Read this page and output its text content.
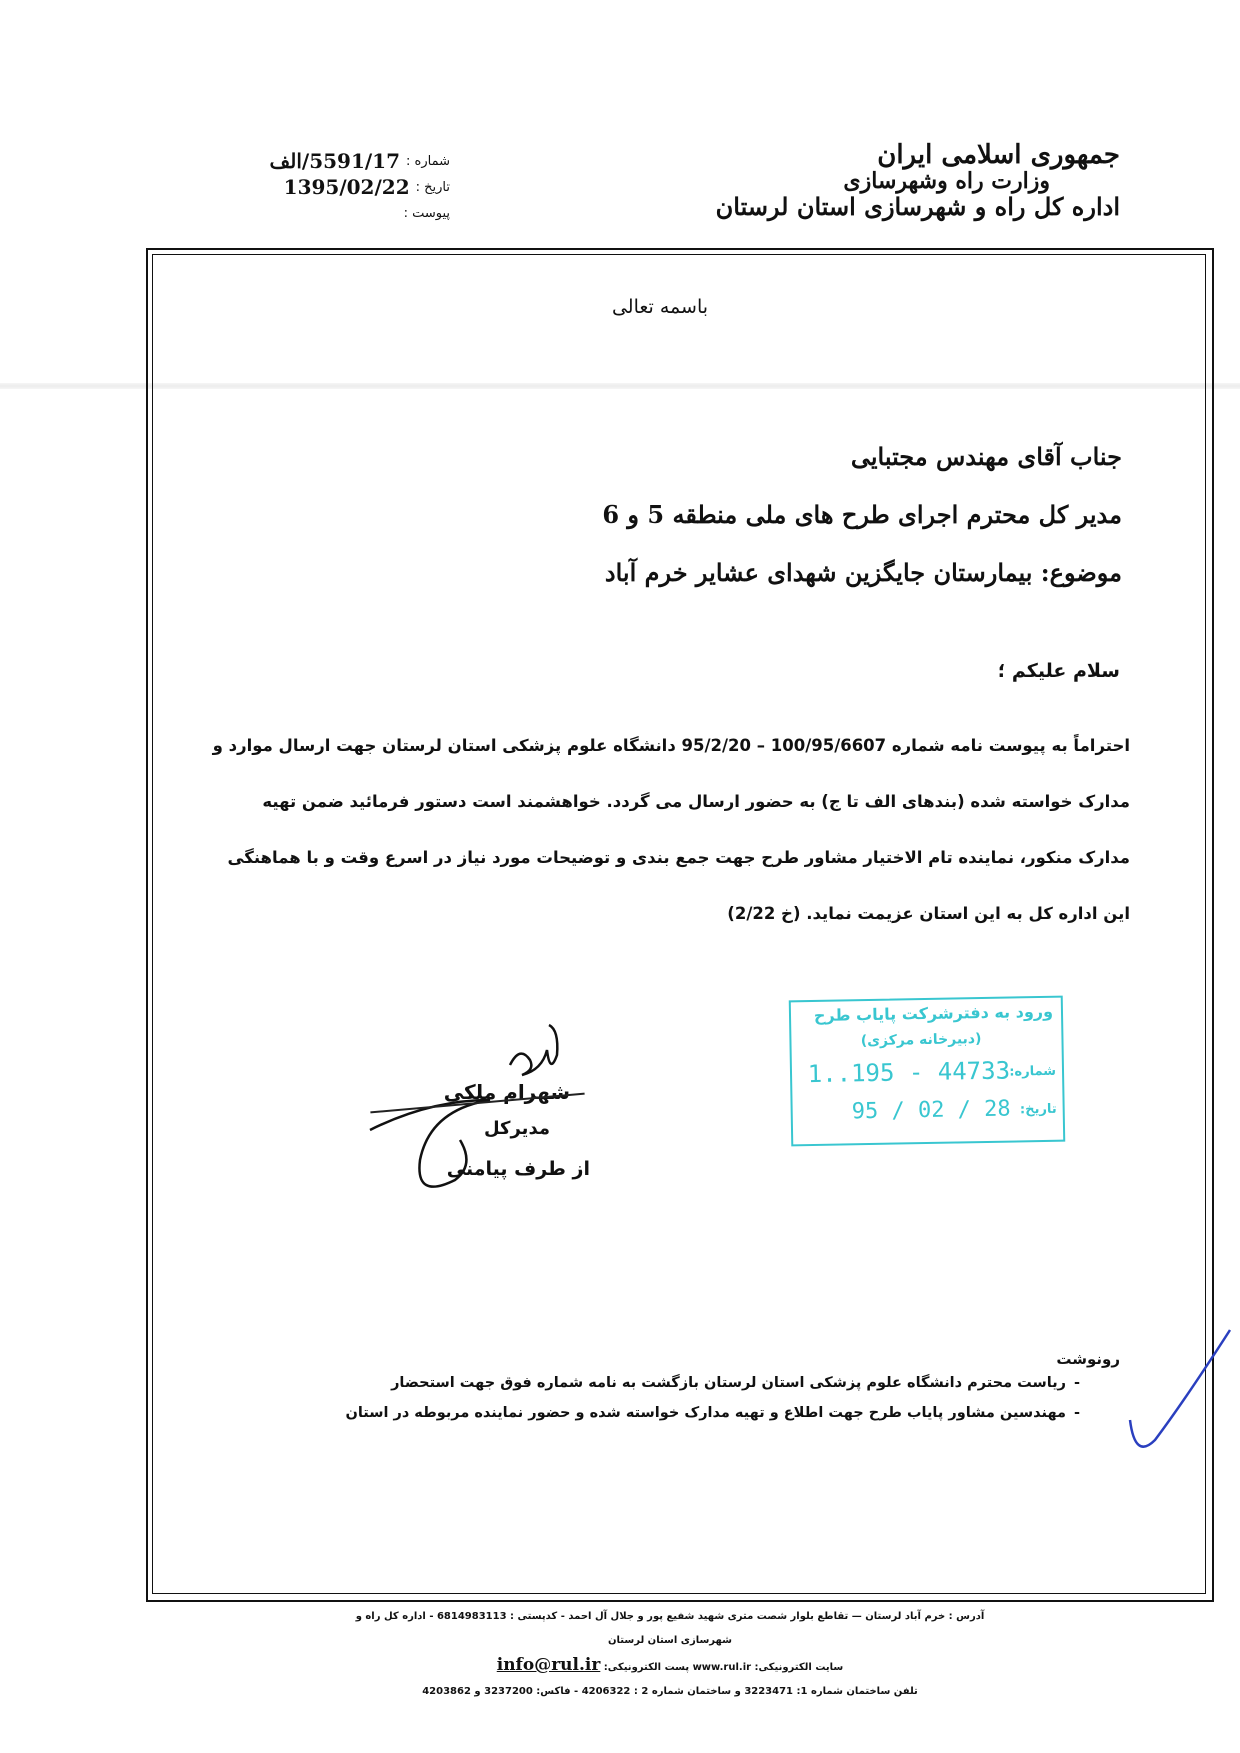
جمهوری اسلامی ایران
وزارت راه وشهرسازی
اداره کل راه و شهرسازی استان لرستان
شماره :
5591/17/الف
تاریخ :
1395/02/22
پیوست :
باسمه تعالی
جناب آقای مهندس مجتبایی
مدیر کل محترم اجرای طرح های ملی منطقه 5 و 6
موضوع: بیمارستان جایگزین شهدای عشایر خرم آباد
سلام علیکم ؛
احتراماً به پیوست نامه شماره 100/95/6607 – 95/2/20 دانشگاه علوم پزشکی استان لرستان جهت ارسال موارد و
مدارک خواسته شده (بندهای الف تا ج) به حضور ارسال می گردد. خواهشمند است دستور فرمائید ضمن تهیه
مدارک منکور، نماینده تام الاختیار مشاور طرح جهت جمع بندی و توضیحات مورد نیاز در اسرع وقت و با هماهنگی
این اداره کل به این استان عزیمت نماید. (خ 2/22)
شهرام ملکی
مدیرکل
از طرف پیامنی
ورود به دفترشرکت پایاب طرح
(دبیرخانه مرکزی)
شماره:
1..195 - 44733
تاریخ:
95 / 02 / 28
رونوشت
-ریاست محترم دانشگاه علوم پزشکی استان لرستان بازگشت به نامه شماره فوق جهت استحضار
-مهندسین مشاور پایاب طرح جهت اطلاع و تهیه مدارک خواسته شده و حضور نماینده مربوطه در استان
آدرس : خرم آباد لرستان — تقاطع بلوار شصت متری شهید شفیع پور و جلال آل احمد - کدپستی : 6814983113 - اداره کل راه و شهرسازی استان لرستان
سایت الکترونیکی: www.rul.ir پست الکترونیکی: info@rul.ir
تلفن ساختمان شماره 1: 3223471 و ساختمان شماره 2 : 4206322 - فاکس: 3237200 و 4203862
